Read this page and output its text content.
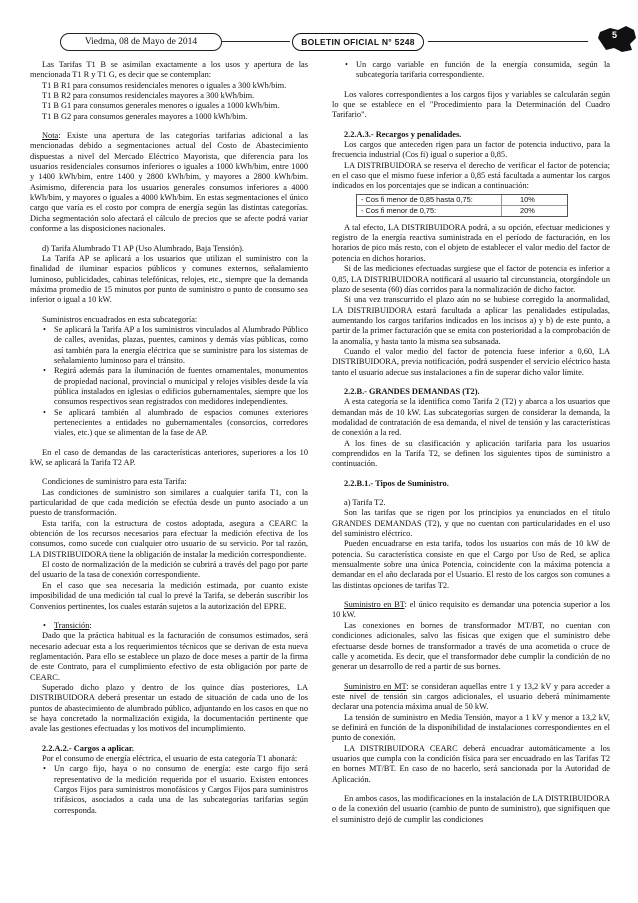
Viedma, 08 de Mayo de 2014	BOLETIN OFICIAL N° 5248
5

Las Tarifas T1 B se asimilan exactamente a los usos y apertura de las mencionada T1 R y T1 G, es decir que se contemplan:

T1 B R1 para consumos residenciales menores o iguales a 300 kWh/bim.

T1 B R2 para consumos residenciales mayores a 300 kWh/bim.

T1 B G1 para consumos generales menores o iguales a 1000 kWh/bim.

T1 B G2 para consumos generales mayores a 1000 kWh/bim.

Nota: Existe una apertura de las categorías tarifarias adicional a las mencionadas debido a segmentaciones actual del Costo de Abastecimiento dispuestas a nivel del Mercado Eléctrico Mayorista, que diferencia para los usuarios residenciales consumos inferiores o iguales a 1000 kWh/bim, entre 1000 y 1400 kWh/bim, entre 1400 y 2800 kWh/bim, y mayores a 2800 kWh/bim. Asimismo, diferencia para los usuarios generales consumos inferiores a 4000 kWh/bim, y mayores o iguales a 4000 kWh/bim. En estas segmentaciones el único cargo que varía es el costo por compra de energía según las distintas categorías. Dicha segmentación solo afectará el cálculo de precios que se afecte podrá variar conforme a las disposiciones nacionales.

d) Tarifa Alumbrado T1 AP (Uso Alumbrado, Baja Tensión).

La Tarifa AP se aplicará a los usuarios que utilizan el suministro con la finalidad de iluminar espacios públicos y comunes externos, señalamiento luminoso, publicidades, cabinas telefónicas, relojes, etc., siempre que la demanda máxima promedio de 15 minutos por punto de suministro o punto de consumo sea inferior o igual a 10 kW.

Suministros encuadrados en esta subcategoría:

• Se aplicará la Tarifa AP a los suministros vinculados al Alumbrado Público de calles, avenidas, plazas, puentes, caminos y demás vías públicas, como así también para la energía eléctrica que se suministre para los sistemas de señalamiento luminoso para el tránsito.
• Regirá además para la iluminación de fuentes ornamentales, monumentos de propiedad nacional, provincial o municipal y relojes visibles desde la vía pública instalados en iglesias o edificios gubernamentales, siempre que los consumos respectivos sean registrados con medidores independientes.
• Se aplicará también al alumbrado de espacios comunes exteriores pertenecientes a entidades no gubernamentales (consorcios, corredores viales, etc.) que se alimentan de la fase de AP.

En el caso de demandas de las características anteriores, superiores a los 10 kW, se aplicará la Tarifa T2 AP.

Condiciones de suministro para esta Tarifa:

Las condiciones de suministro son similares a cualquier tarifa T1, con la particularidad de que cada medición se efectúa desde un punto asociado a un puesto de transformación.

Esta tarifa, con la estructura de costos adoptada, asegura a CEARC la obtención de los recursos necesarios para efectuar la medición efectiva de los consumos, como sucede con cualquier otro usuario de su servicio. Por tal razón, LA DISTRIBUIDORA tiene la obligación de instalar la medición correspondiente.

El costo de normalización de la medición se cubrirá a través del pago por parte del usuario de la tasa de conexión correspondiente.

En el caso que sea necesaria la medición estimada, por cuanto existe imposibilidad de una medición tal cual lo prevé la Tarifa, se deberán suscribir los Convenios pertinentes, los cuales estarán sujetos a la autorización del EPRE.

• Transición:

Dado que la práctica habitual es la facturación de consumos estimados, será necesario adecuar esta a los requerimientos técnicos que se derivan de esta nueva reglamentación. Para ello se establece un plazo de doce meses a partir de la firma de este Contrato, para el cumplimiento efectivo de esta obligación por parte de CEARC.

Superado dicho plazo y dentro de los quince días posteriores, LA DISTRIBUIDORA deberá presentar un estado de situación de cada uno de los puntos de abastecimiento de alumbrado público, adjuntando en los casos en que no se haya concretado la normalización exigida, la documentación pertinente que avale las gestiones efectuadas y los motivos del incumplimiento.

2.2.A.2.- Cargos a aplicar.

Por el consumo de energía eléctrica, el usuario de esta categoría T1 abonará:

• Un cargo fijo, haya o no consumo de energía: este cargo fijo será representativo de la medición requerida por el usuario. Existen entonces Cargos Fijos para suministros monofásicos y Cargos Fijos para suministros trifásicos, asociados a cada una de las subcategorías tarifarias según corresponda.
• Un cargo variable en función de la energía consumida, según la subcategoría tarifaria correspondiente.

Los valores correspondientes a los cargos fijos y variables se calcularán según lo que se establece en el "Procedimiento para la Determinación del Cuadro Tarifario".

2.2.A.3.- Recargos y penalidades.

Los cargos que anteceden rigen para un factor de potencia inductivo, para la frecuencia industrial (Cos fi) igual o superior a 0,85.

LA DISTRIBUIDORA se reserva el derecho de verificar el factor de potencia; en el caso que el mismo fuese inferior a 0,85 está facultada a aumentar los cargos indicados en los porcentajes que se indican a continuación:

- Cos fi menor de 0,85 hasta 0,75:	10%
- Cos fi menor de 0,75:	20%

A tal efecto, LA DISTRIBUIDORA podrá, a su opción, efectuar mediciones y registro de la energía reactiva suministrada en el período de facturación, en los horarios de pico más resto, con el objeto de establecer el valor medio del factor de potencia en dichos horarios.

Si de las mediciones efectuadas surgiese que el factor de potencia es inferior a 0,85, LA DISTRIBUIDORA notificará al usuario tal circunstancia, otorgándole un plazo de sesenta (60) días corridos para la normalización de dicho factor.

Si una vez transcurrido el plazo aún no se hubiese corregido la anormalidad, LA DISTRIBUIDORA estará facultada a aplicar las penalidades estipuladas, aumentando los cargos tarifarios indicados en los incisos a) y b) de este punto, a partir de la primer facturación que se emita con posterioridad a la comprobación de la anomalía, y hasta tanto la misma sea subsanada.

Cuando el valor medio del factor de potencia fuese inferior a 0,60, LA DISTRIBUIDORA, previa notificación, podrá suspender el servicio eléctrico hasta tanto el usuario adecue sus instalaciones a fin de superar dicho valor límite.

2.2.B.- GRANDES DEMANDAS (T2).

A esta categoría se la identifica como Tarifa 2 (T2) y abarca a los usuarios que demandan más de 10 kW. Las subcategorías surgen de considerar la demanda, la modalidad de contratación de esa demanda, el nivel de tensión y las características de conexión a la red.

A los fines de su clasificación y aplicación tarifaria para los usuarios comprendidos en la Tarifa T2, se definen los siguientes tipos de suministro a continuación.

2.2.B.1.- Tipos de Suministro.

a) Tarifa T2.

Son las tarifas que se rigen por los principios ya enunciados en el título GRANDES DEMANDAS (T2), y que no cuentan con particularidades en el uso del suministro eléctrico.

Pueden encuadrarse en esta tarifa, todos los usuarios con más de 10 kW de potencia. Su característica consiste en que el Cargo por Uso de Red, se aplica mensualmente sobre una única Potencia, coincidente con la máxima potencia a demandar en el año declarada por el Usuario. El resto de los cargos son comunes a las distintas opciones de tarifas T2.

Suministro en BT: el único requisito es demandar una potencia superior a los 10 kW.

Las conexiones en bornes de transformador MT/BT, no cuentan con condiciones adicionales, salvo las físicas que exigen que el suministro debe efectuarse desde bornes de transformador a través de una acometida o cruce de calle y acometida. Es decir, que el transformador debe cumplir la condición de no generar un desarrollo de red a partir de sus bornes.

Suministro en MT: se consideran aquellas entre 1 y 13,2 kV y para acceder a este nivel de tensión sin cargos adicionales, el usuario deberá mínimamente declarar una potencia máxima anual de 50 kW.

La tensión de suministro en Media Tensión, mayor a 1 kV y menor a 13,2 kV, se definirá en función de la disponibilidad de instalaciones correspondientes en el punto de conexión.

LA DISTRIBUIDORA CEARC deberá encuadrar automáticamente a los usuarios que cumpla con la condición física para ser encuadrado en las Tarifas T2 en bornes MT/BT. En caso de no hacerlo, será sancionada por la Autoridad de Aplicación.

En ambos casos, las modificaciones en la instalación de LA DISTRIBUIDORA o de la conexión del usuario (cambio de punto de suministro), que signifiquen que el suministro dejó de cumplir las condiciones
